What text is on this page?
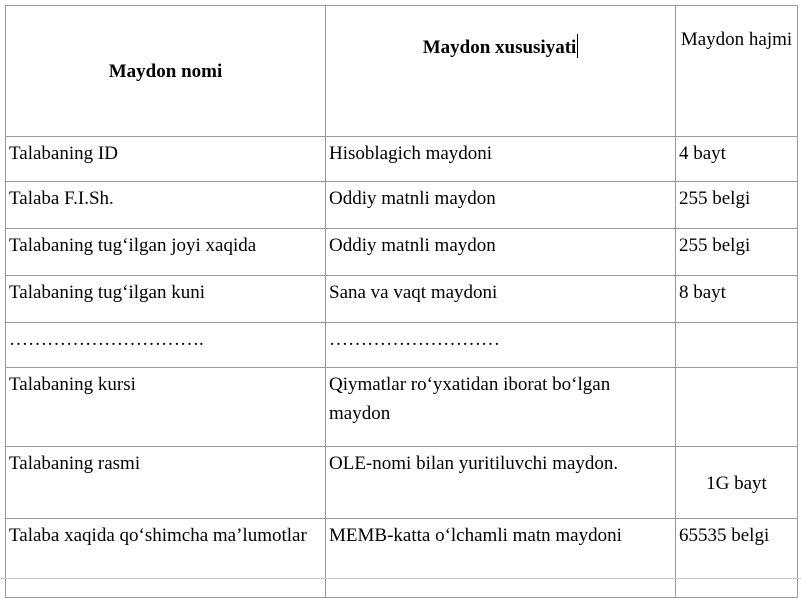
Maydon nomi	Maydon xususiyati	Maydon hajmi
Talabaning ID	Hisoblagich maydoni	4 bayt
Talaba F.I.Sh.	Oddiy matnli maydon	255 belgi
Talabaning tug‘ilgan joyi xaqida	Oddiy matnli maydon	255 belgi
Talabaning tug‘ilgan kuni	Sana va vaqt maydoni	8 bayt
………………………….	………………………	
Talabaning kursi	Qiymatlar ro‘yxatidan iborat bo‘lgan maydon	
Talabaning rasmi	OLE-nomi bilan yuritiluvchi maydon.	1G bayt
Talaba xaqida qo‘shimcha ma’lumotlar	MEMB-katta o‘lchamli matn maydoni	65535 belgi
